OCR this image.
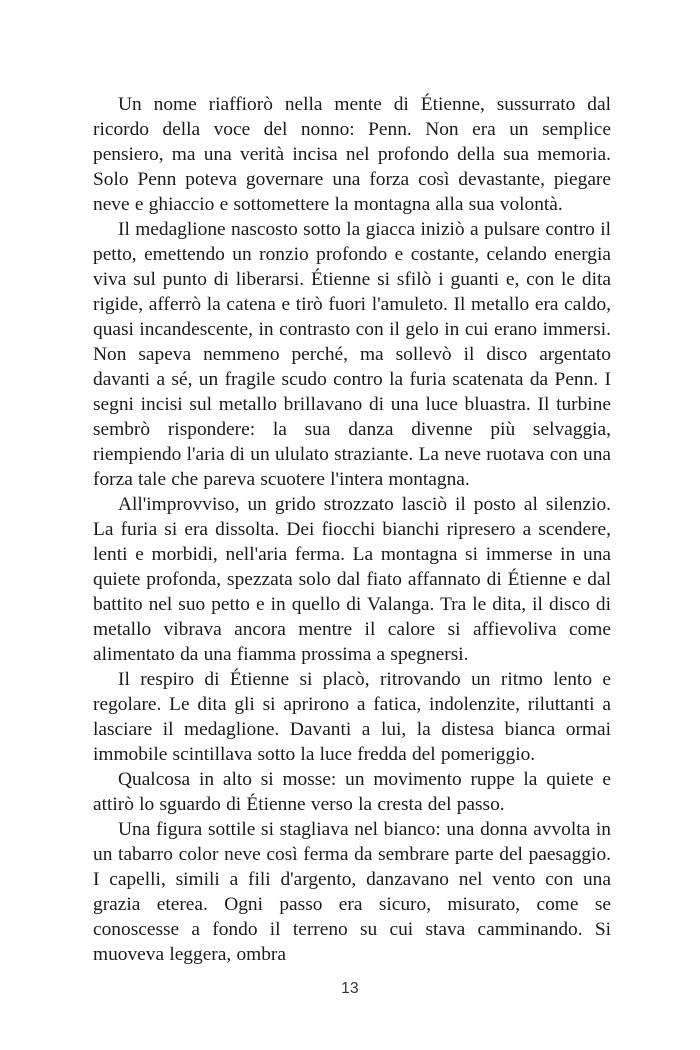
Un nome riaffiorò nella mente di Étienne, sussurrato dal ricordo della voce del nonno: Penn. Non era un semplice pensiero, ma una verità incisa nel profondo della sua memoria. Solo Penn poteva governare una forza così devastante, piegare neve e ghiaccio e sottomettere la montagna alla sua volontà.

Il medaglione nascosto sotto la giacca iniziò a pulsare contro il petto, emettendo un ronzio profondo e costante, celando energia viva sul punto di liberarsi. Étienne si sfilò i guanti e, con le dita rigide, afferrò la catena e tirò fuori l'amuleto. Il metallo era caldo, quasi incandescente, in contrasto con il gelo in cui erano immersi. Non sapeva nemmeno perché, ma sollevò il disco argentato davanti a sé, un fragile scudo contro la furia scatenata da Penn. I segni incisi sul metallo brillavano di una luce bluastra. Il turbine sembrò rispondere: la sua danza divenne più selvaggia, riempiendo l'aria di un ululato straziante. La neve ruotava con una forza tale che pareva scuotere l'intera montagna.

All'improvviso, un grido strozzato lasciò il posto al silenzio. La furia si era dissolta. Dei fiocchi bianchi ripresero a scendere, lenti e morbidi, nell'aria ferma. La montagna si immerse in una quiete profonda, spezzata solo dal fiato affannato di Étienne e dal battito nel suo petto e in quello di Valanga. Tra le dita, il disco di metallo vibrava ancora mentre il calore si affievoliva come alimentato da una fiamma prossima a spegnersi.

Il respiro di Étienne si placò, ritrovando un ritmo lento e regolare. Le dita gli si aprirono a fatica, indolenzite, riluttanti a lasciare il medaglione. Davanti a lui, la distesa bianca ormai immobile scintillava sotto la luce fredda del pomeriggio.

Qualcosa in alto si mosse: un movimento ruppe la quiete e attirò lo sguardo di Étienne verso la cresta del passo.

Una figura sottile si stagliava nel bianco: una donna avvolta in un tabarro color neve così ferma da sembrare parte del paesaggio. I capelli, simili a fili d'argento, danzavano nel vento con una grazia eterea. Ogni passo era sicuro, misurato, come se conoscesse a fondo il terreno su cui stava camminando. Si muoveva leggera, ombra

13
